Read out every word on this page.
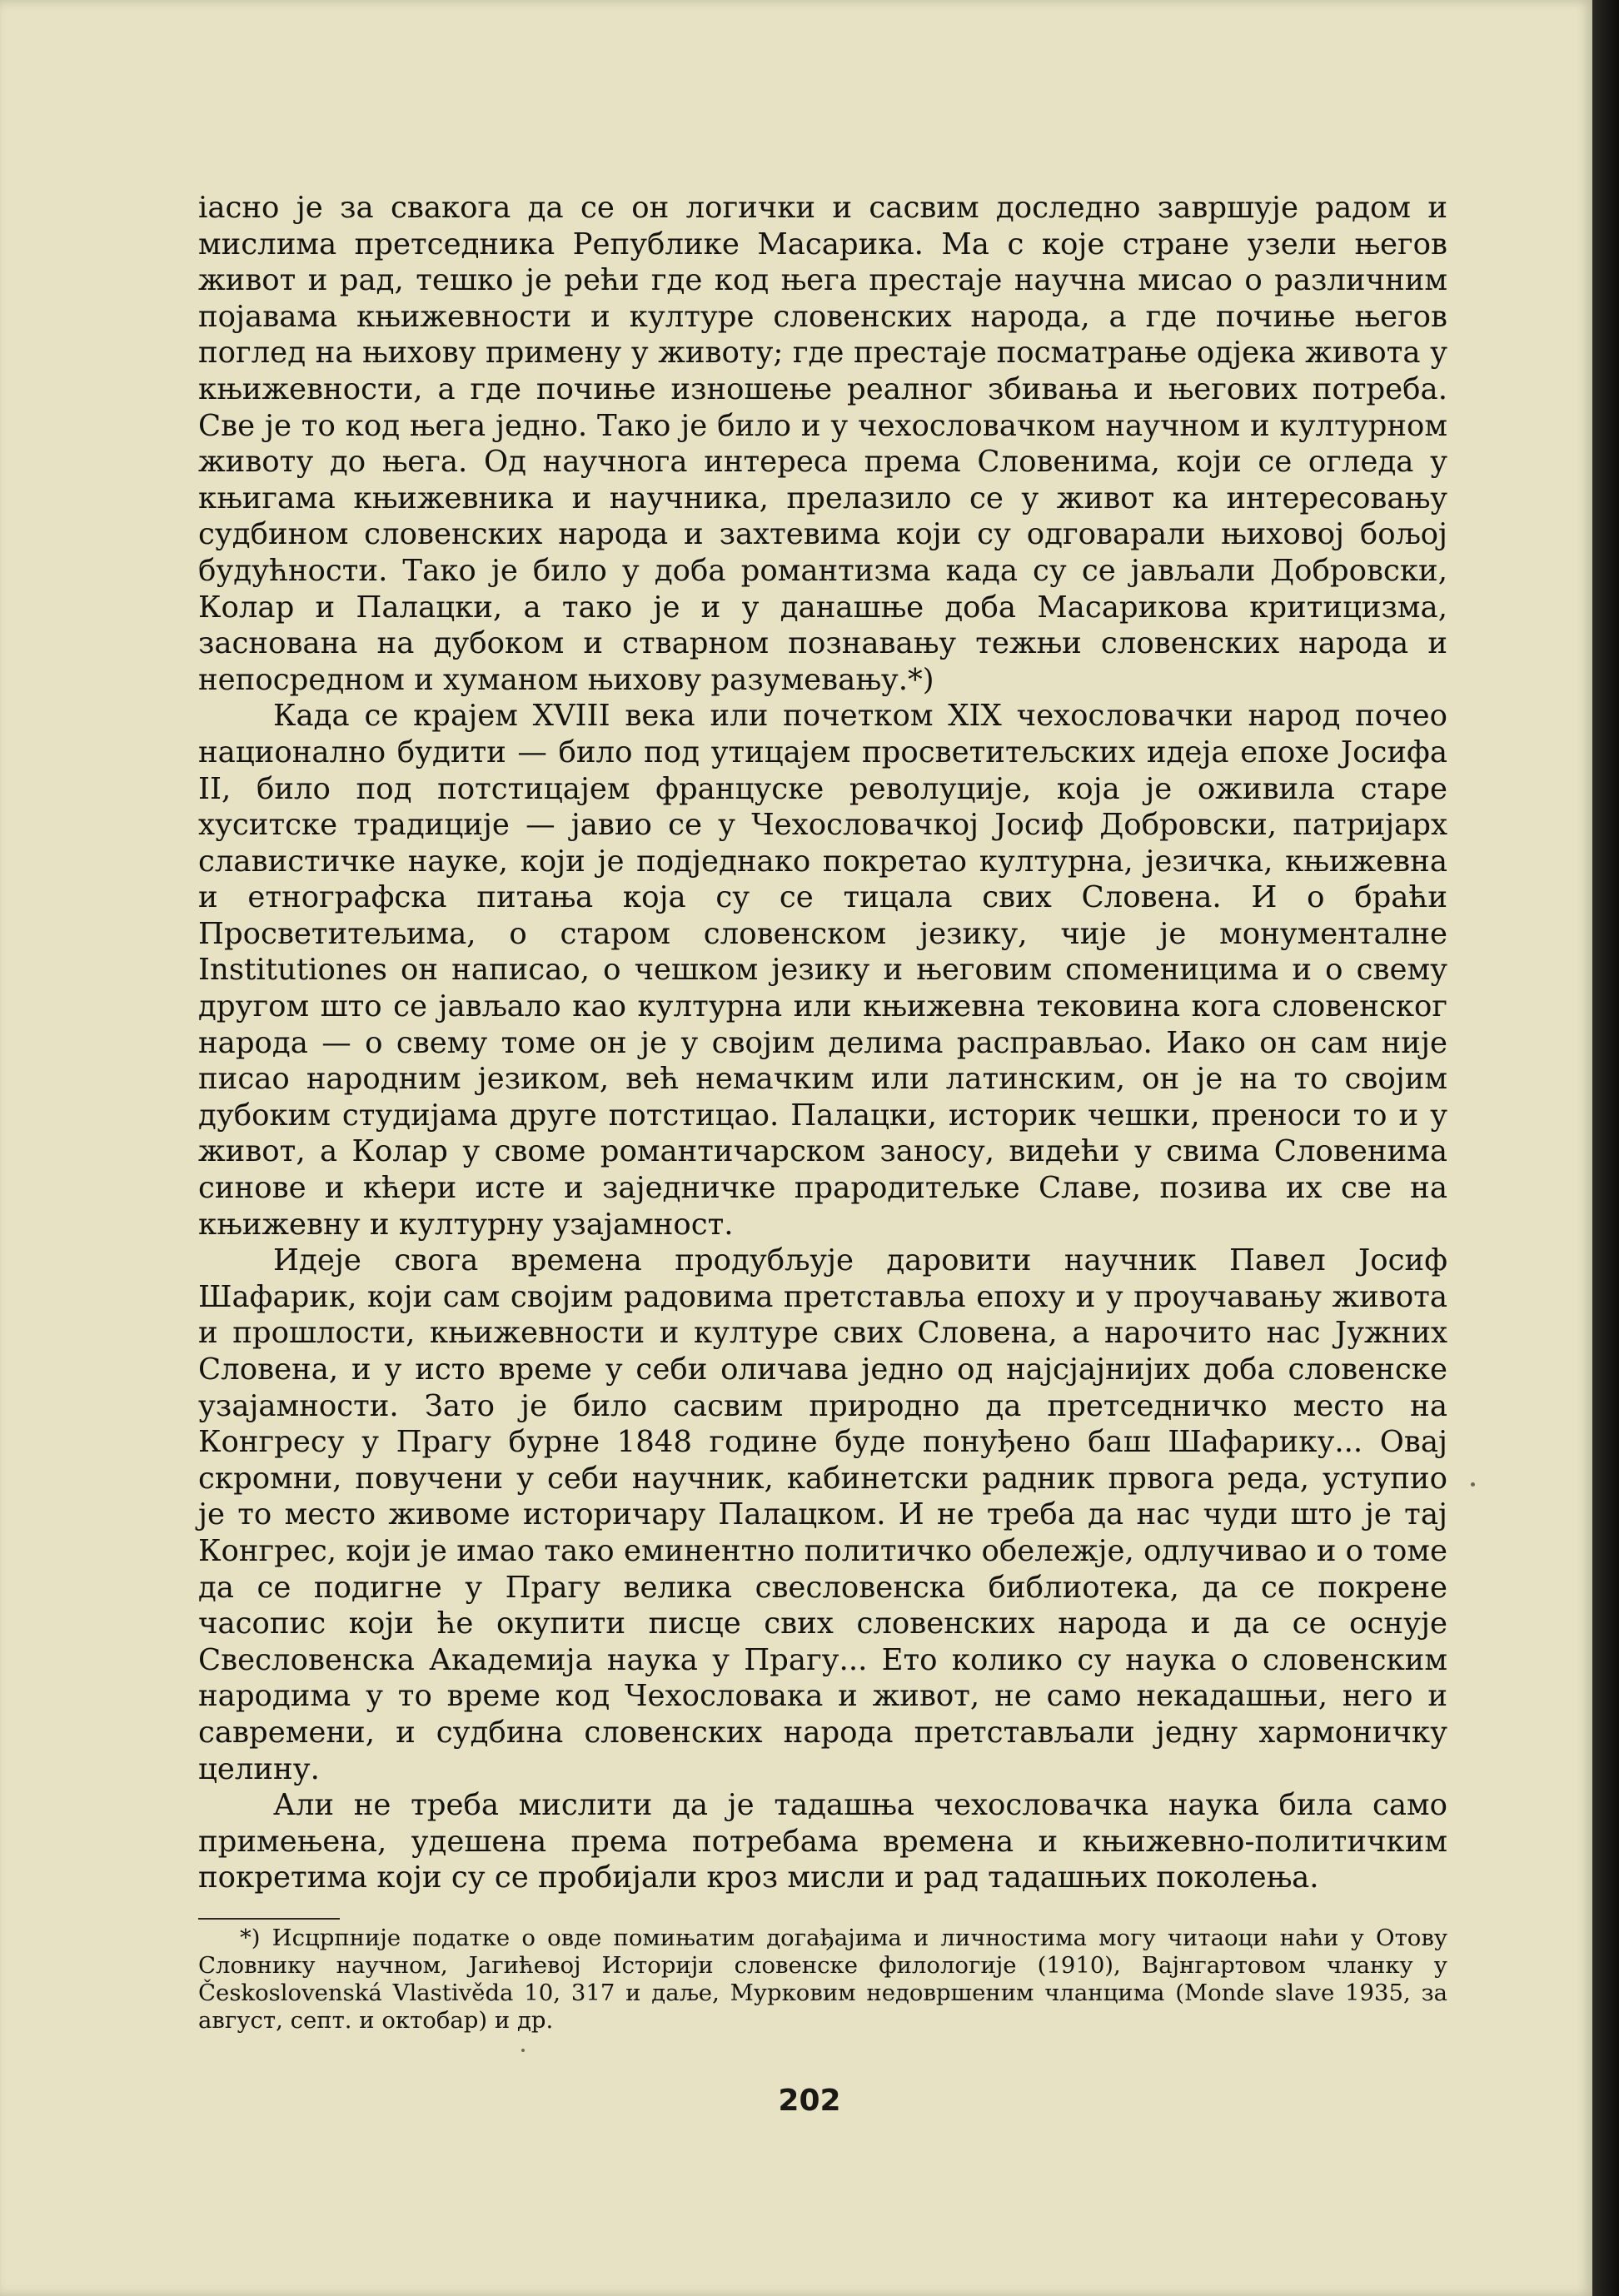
iасно је за свакога да се он логички и сасвим доследно завршује радом и мислима претседника Републике Масарика. Ма с које стране узели његов живот и рад, тешко је рећи где код њега престаје научна мисао о различним појавама књижевности и културе словенских народа, а где почиње његов поглед на њихову примену у животу; где престаје посматрање одјека живота у књижевности, а где почиње изношење реалног збивања и његових потреба. Све је то код њега једно. Тако је било и у чехословачком научном и културном животу до њега. Од научнога интереса према Словенима, који се огледа у књигама књижевника и научника, прелазило се у живот ка интересовању судбином словенских народа и захтевима који су одговарали њиховој бољој будућности. Тако је било у доба романтизма када су се јављали Добровски, Колар и Палацки, а тако је и у данашње доба Масарикова критицизма, засновaна на дубоком и стварном познавању тежњи словенских народа и непосредном и хуманом њихову разумевању.*)

Када се крајем XVIII века или почетком XIX чехословачки народ почео национално будити — било под утицајем просветитељских идеја епохе Јосифа II, било под потстицајем француске револуције, која је оживила старе хуситске традиције — јавио се у Чехословачкој Јосиф Добровски, патријарх славистичке науке, који је подједнако покретао културна, језичка, књижевна и етнографска питања која су се тицала свих Словена. И о браћи Просветитељима, о старом словенском језику, чије је монументалне Institutiones он написао, о чешком језику и његовим споменицима и о свему другом што се јављало као културна или књижевна тековина кога словенског народа — о свему томе он је у својим делима расправљао. Иако он сам није писао народним језиком, већ немачким или латинским, он је на то својим дубоким студијама друге потстицао. Палацки, историк чешки, преноси то и у живот, а Колар у своме романтичарском заносу, видећи у свима Словенима синове и кћери исте и заједничке прародитељке Славе, позива их све на књижевну и културну узајамност.

Идеје свога времена продубљује даровити научник Павел Јосиф Шафарик, који сам својим радовима претставља епоху и у проучавању живота и прошлости, књижевности и културе свих Словена, а нарочито нас Јужних Словена, и у исто време у себи оличава једно од најсјајнијих доба словенске узајамности. Зато је било сасвим природно да претседничко место на Конгресу у Прагу бурне 1848 године буде понуђено баш Шафарику... Овај скромни, повучени у себи научник, кабинетски радник првога реда, уступио је то место живоме историчару Палацком. И не треба да нас чуди што је тај Конгрес, који је имао тако еминентно политичко обележје, одлучивао и о томе да се подигне у Прагу велика свесловенска библиотека, да се покрене часопис који ће окупити писце свих словенских народа и да се оснује Свесловенска Академија наука у Прагу... Ето колико су наука о словенским народима у то време код Чехословака и живот, не само некадашњи, него и савремени, и судбина словенских народа претстављали једну хармоничку целину.

Али не треба мислити да је тадашња чехословачка наука била само примењена, удешена према потребама времена и књижевно-политичким покретима који су се пробијали кроз мисли и рад тадашњих поколења.

*) Исцрпније податке о овде помињатим догађајима и личностима могу читаоци наћи у Отову Словнику научном, Јагићевој Историји словенске филологије (1910), Вајнгартовом чланку у Československá Vlastivěda 10, 317 и даље, Мурковим недовршеним чланцима (Monde slave 1935, за август, септ. и октобар) и др.

202
